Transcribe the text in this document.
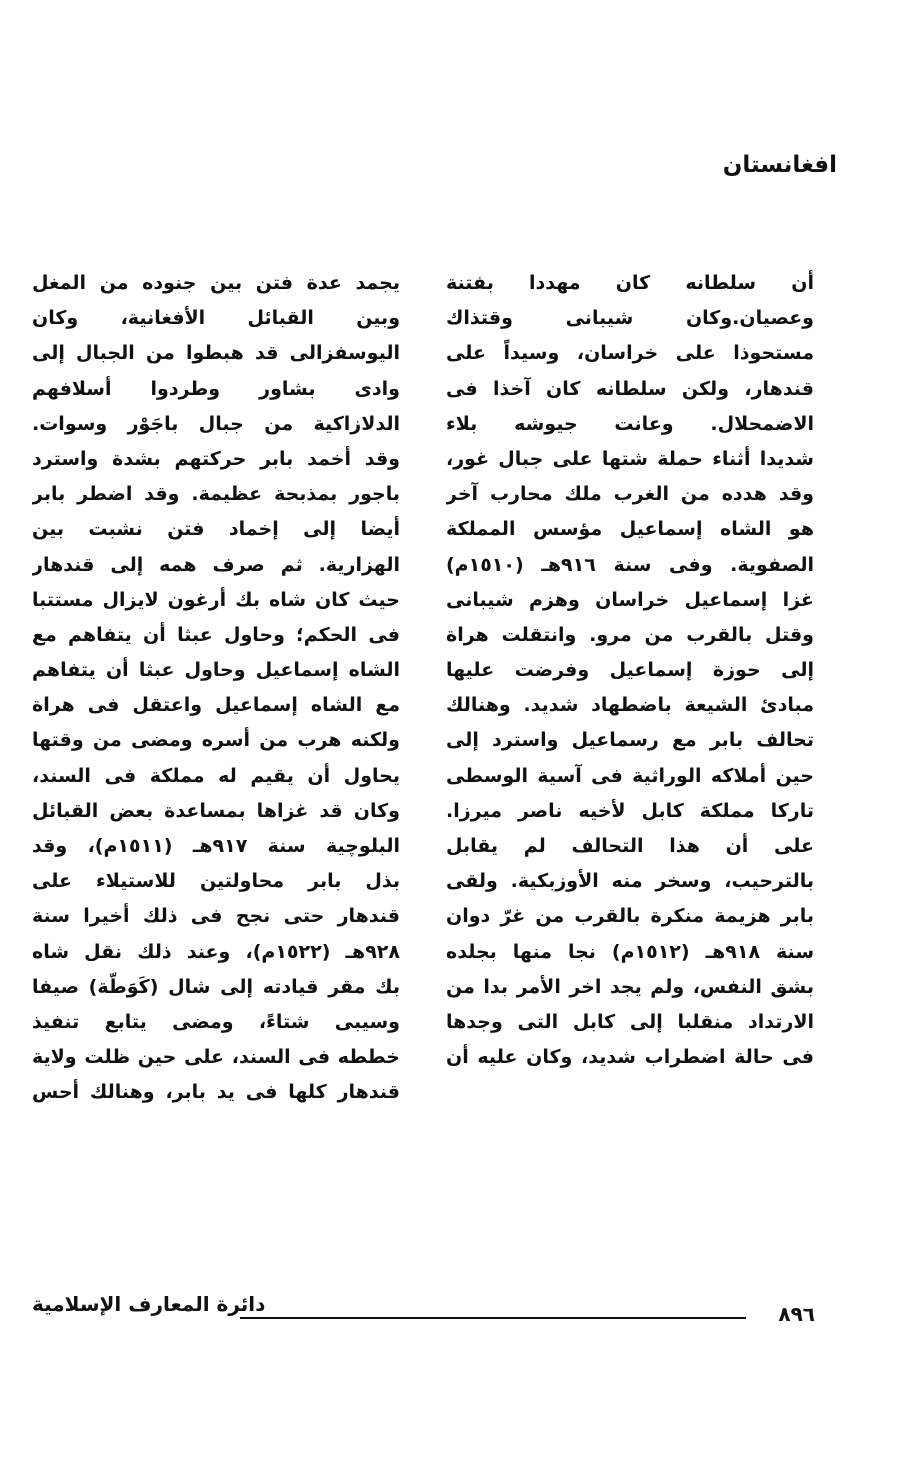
افغانستان
أن سلطانه كان مهددا بفتنة
وعصيان.وكان شيبانى وقتذاك
مستحوذا على خراسان، وسيداً على
قندهار، ولكن سلطانه كان آخذا فى
الاضمحلال. وعانت جيوشه بلاء
شديدا أثناء حملة شتها على جبال غور،
وقد هدده من الغرب ملك محارب آخر
هو الشاه إسماعيل مؤسس المملكة
الصفوية. وفى سنة ٩١٦هـ (١٥١٠م)
غزا إسماعيل خراسان وهزم شيبانى
وقتل بالقرب من مرو. وانتقلت هراة
إلى حوزة إسماعيل وفرضت عليها
مبادئ الشيعة باضطهاد شديد. وهنالك
تحالف بابر مع رسماعيل واسترد إلى
حين أملاكه الوراثية فى آسية الوسطى
تاركا مملكة كابل لأخيه ناصر ميرزا.
على أن هذا التحالف لم يقابل
بالترحيب، وسخر منه الأوزبكية. ولقى
بابر هزيمة منكرة بالقرب من غرّ دوان
سنة ٩١٨هـ (١٥١٢م) نجا منها بجلده
بشق النفس، ولم يجد اخر الأمر بدا من
الارتداد منقلبا إلى كابل التى وجدها
فى حالة اضطراب شديد، وكان عليه أن
يجمد عدة فتن بين جنوده من المغل
وبين القبائل الأفغانية، وكان
اليوسفزالى قد هبطوا من الجبال إلى
وادى بشاور وطردوا أسلافهم
الدلازاكية من جبال باجَوْر وسوات.
وقد أخمد بابر حركتهم بشدة واسترد
باجور بمذبحة عظيمة. وقد اضطر بابر
أيضا إلى إخماد فتن نشبت بين
الهزارية. ثم صرف همه إلى قندهار
حيث كان شاه بك أرغون لايزال مستتبا
فى الحكم؛ وحاول عبثا أن يتفاهم مع
الشاه إسماعيل وحاول عبثا أن يتفاهم
مع الشاه إسماعيل واعتقل فى هراة
ولكنه هرب من أسره ومضى من وقتها
يحاول أن يقيم له مملكة فى السند،
وكان قد غزاها بمساعدة بعض القبائل
البلوچية سنة ٩١٧هـ (١٥١١م)، وقد
بذل بابر محاولتين للاستيلاء على
قندهار حتى نجح فى ذلك أخيرا سنة
٩٢٨هـ (١٥٢٢م)، وعند ذلك نقل شاه
بك مقر قيادته إلى شال (كَوَطّة) صيفا
وسيبى شتاءً، ومضى يتابع تنفيذ
خططه فى السند، على حين ظلت ولاية
قندهار كلها فى يد بابر، وهنالك أحس
دائرة المعارف الإسلامية	٨٩٦
